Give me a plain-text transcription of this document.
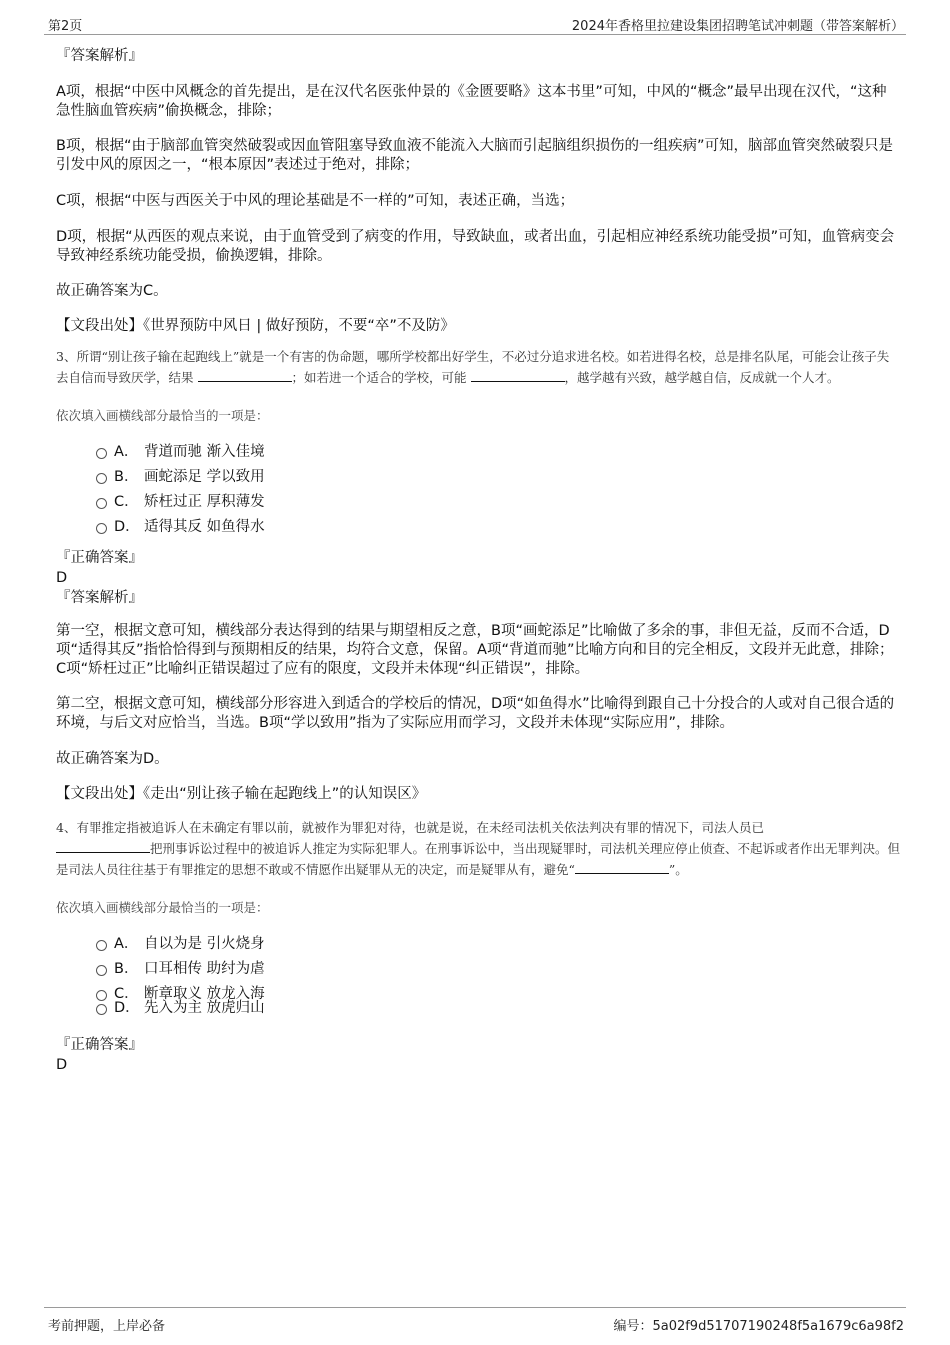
第2页	2024年香格里拉建设集团招聘笔试冲刺题（带答案解析）

『答案解析』

A项，根据“中医中风概念的首先提出，是在汉代名医张仲景的《金匮要略》这本书里”可知，中风的“概念”最早出现在汉代，“这种急性脑血管疾病”偷换概念，排除；

B项，根据“由于脑部血管突然破裂或因血管阻塞导致血液不能流入大脑而引起脑组织损伤的一组疾病”可知，脑部血管突然破裂只是引发中风的原因之一，“根本原因”表述过于绝对，排除；

C项，根据“中医与西医关于中风的理论基础是不一样的”可知，表述正确，当选；

D项，根据“从西医的观点来说，由于血管受到了病变的作用，导致缺血，或者出血，引起相应神经系统功能受损”可知，血管病变会导致神经系统功能受损，偷换逻辑，排除。

故正确答案为C。

【文段出处】《世界预防中风日 | 做好预防，不要“卒”不及防》

3、所谓“别让孩子输在起跑线上”就是一个有害的伪命题，哪所学校都出好学生，不必过分追求进名校。如若进得名校，总是排名队尾，可能会让孩子失去自信而导致厌学，结果	；如若进一个适合的学校，可能	，越学越有兴致，越学越自信，反成就一个人才。

依次填入画横线部分最恰当的一项是：

A． 背道而驰 渐入佳境
B． 画蛇添足 学以致用
C． 矫枉过正 厚积薄发
D． 适得其反 如鱼得水

『正确答案』

D

『答案解析』

第一空，根据文意可知，横线部分表达得到的结果与期望相反之意，B项“画蛇添足”比喻做了多余的事，非但无益，反而不合适，D项“适得其反”指恰恰得到与预期相反的结果，均符合文意，保留。A项“背道而驰”比喻方向和目的完全相反，文段并无此意，排除；C项“矫枉过正”比喻纠正错误超过了应有的限度，文段并未体现“纠正错误”，排除。

第二空，根据文意可知，横线部分形容进入到适合的学校后的情况，D项“如鱼得水”比喻得到跟自己十分投合的人或对自己很合适的环境，与后文对应恰当，当选。B项“学以致用”指为了实际应用而学习，文段并未体现“实际应用”，排除。

故正确答案为D。

【文段出处】《走出“别让孩子输在起跑线上”的认知误区》

4、有罪推定指被追诉人在未确定有罪以前，就被作为罪犯对待，也就是说，在未经司法机关依法判决有罪的情况下，司法人员已
把刑事诉讼过程中的被追诉人推定为实际犯罪人。在刑事诉讼中，当出现疑罪时，司法机关理应停止侦查、不起诉或者作出无罪判决。但是司法人员往往基于有罪推定的思想不敢或不情愿作出疑罪从无的决定，而是疑罪从有，避免“	”。

依次填入画横线部分最恰当的一项是：

A． 自以为是 引火烧身
B． 口耳相传 助纣为虐
C． 断章取义 放龙入海
D． 先入为主 放虎归山

『正确答案』

D

考前押题，上岸必备	编号：5a02f9d51707190248f5a1679c6a98f2
